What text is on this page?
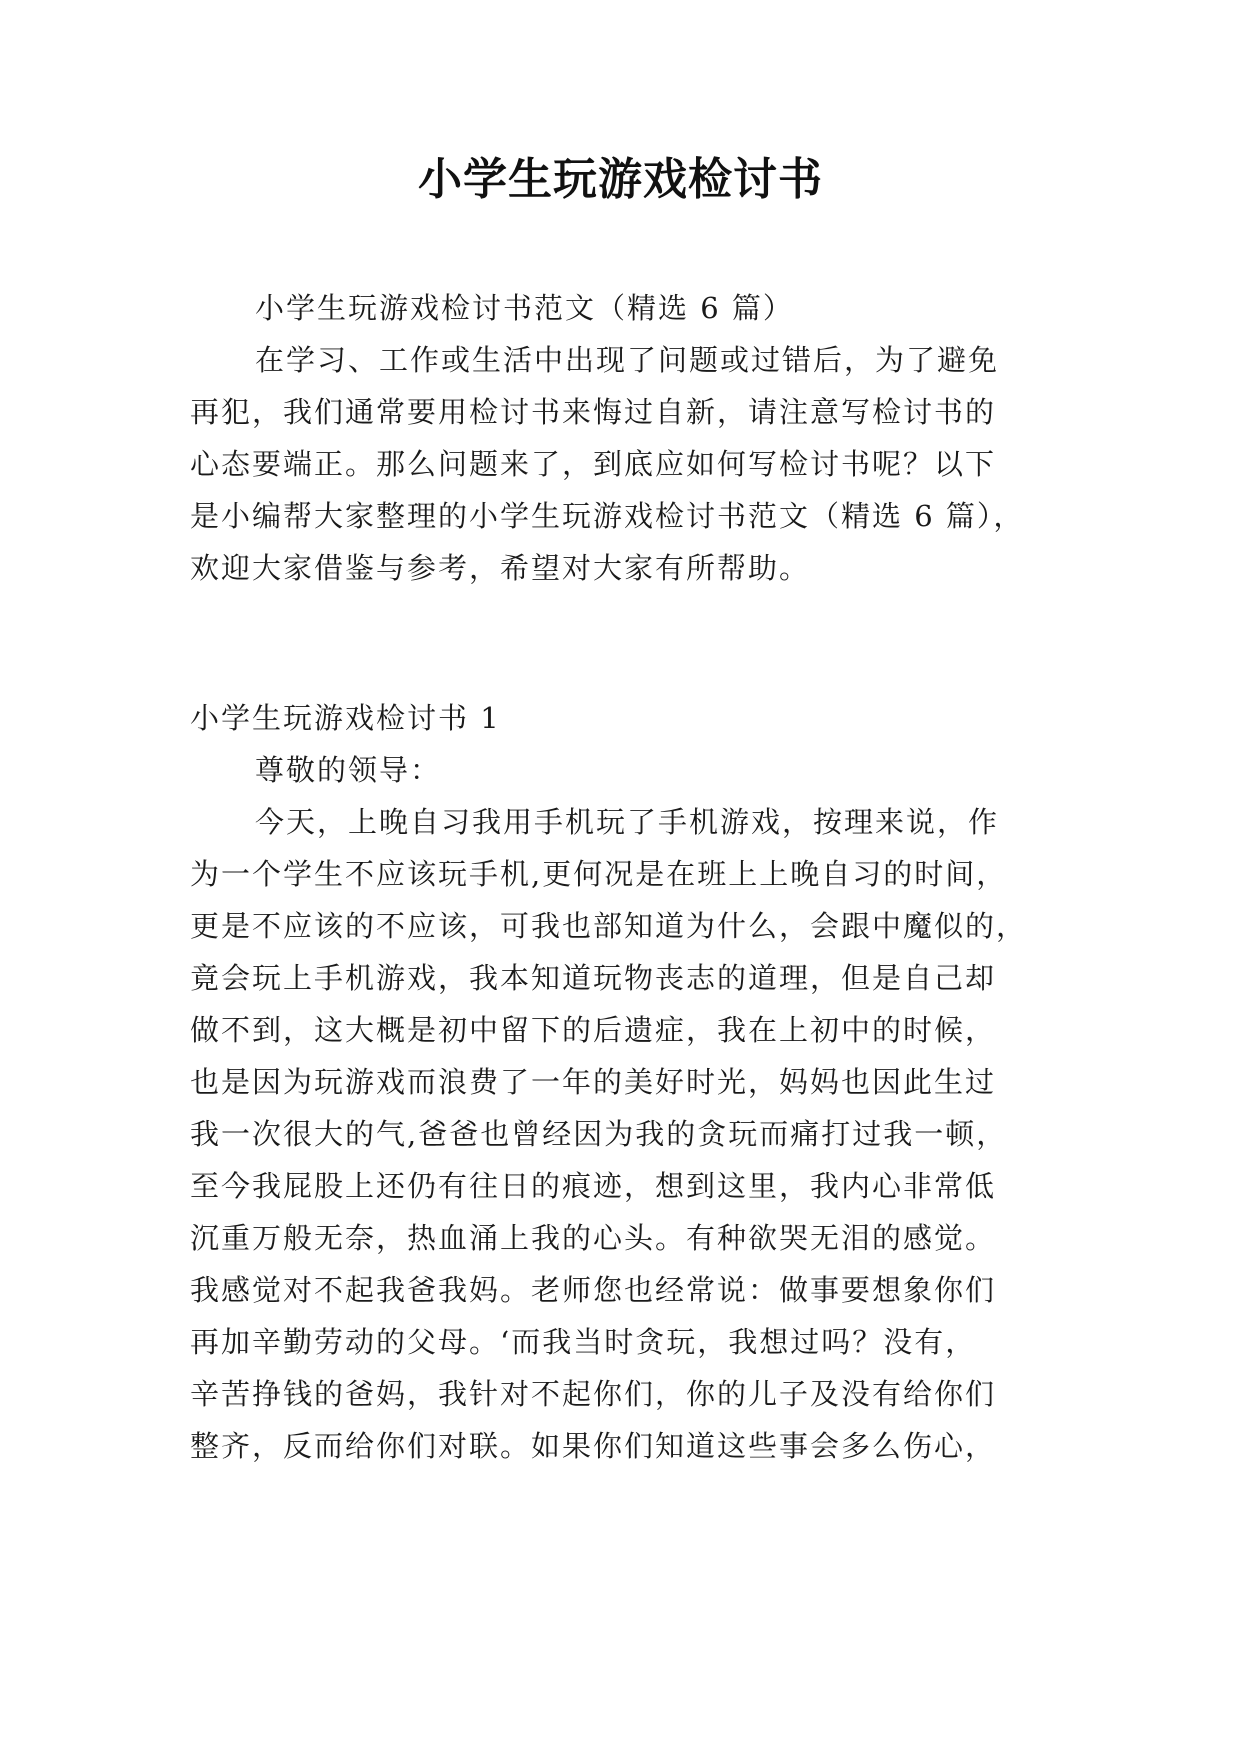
小学生玩游戏检讨书
小学生玩游戏检讨书范文（精选 6 篇）
在学习、工作或生活中出现了问题或过错后，为了避免
再犯，我们通常要用检讨书来悔过自新，请注意写检讨书的
心态要端正。那么问题来了，到底应如何写检讨书呢？以下
是小编帮大家整理的小学生玩游戏检讨书范文（精选 6 篇），
欢迎大家借鉴与参考，希望对大家有所帮助。
小学生玩游戏检讨书 1
尊敬的领导：
今天，上晚自习我用手机玩了手机游戏，按理来说，作
为一个学生不应该玩手机,更何况是在班上上晚自习的时间，
更是不应该的不应该，可我也部知道为什么，会跟中魔似的，
竟会玩上手机游戏，我本知道玩物丧志的道理，但是自己却
做不到，这大概是初中留下的后遗症，我在上初中的时候，
也是因为玩游戏而浪费了一年的美好时光，妈妈也因此生过
我一次很大的气,爸爸也曾经因为我的贪玩而痛打过我一顿，
至今我屁股上还仍有往日的痕迹，想到这里，我内心非常低
沉重万般无奈，热血涌上我的心头。有种欲哭无泪的感觉。
我感觉对不起我爸我妈。老师您也经常说：做事要想象你们
再加辛勤劳动的父母。‘而我当时贪玩，我想过吗？没有，
辛苦挣钱的爸妈，我针对不起你们，你的儿子及没有给你们
整齐，反而给你们对联。如果你们知道这些事会多么伤心，
